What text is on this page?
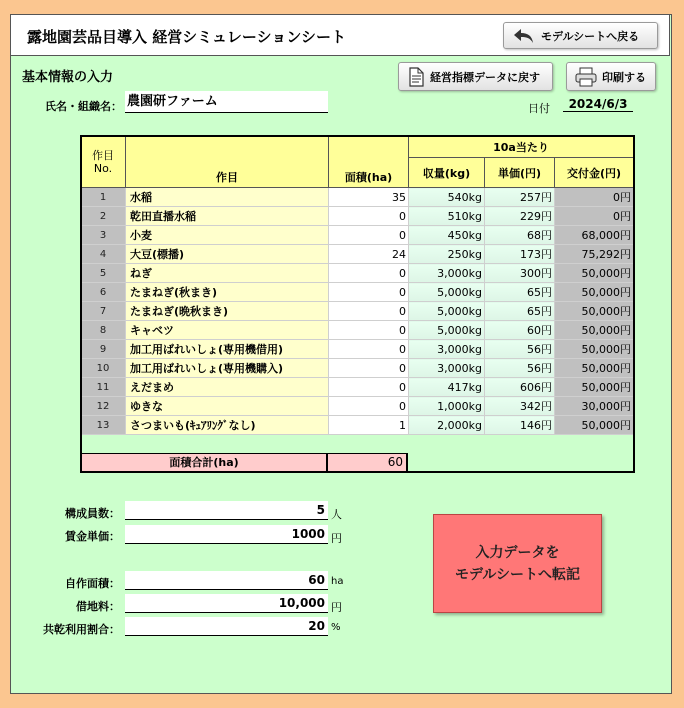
露地園芸品目導入 経営シミュレーションシート	モデルシートへ戻る
基本情報の入力	経営指標データに戻す	印刷する
氏名・組織名： 農園研ファーム	日付	2024/6/3
作目
No.	作目	面積(ha)	10a当たり		
			収量(kg)	単価(円)	交付金(円)
1	水稲	35	540kg	257円	0円
2	乾田直播水稲	0	510kg	229円	0円
3	小麦	0	450kg	68円	68,000円
4	大豆(標播)	24	250kg	173円	75,292円
5	ねぎ	0	3,000kg	300円	50,000円
6	たまねぎ(秋まき)	0	5,000kg	65円	50,000円
7	たまねぎ(晩秋まき)	0	5,000kg	65円	50,000円
8	キャベツ	0	5,000kg	60円	50,000円
9	加工用ばれいしょ(専用機借用)	0	3,000kg	56円	50,000円
10	加工用ばれいしょ(専用機購入)	0	3,000kg	56円	50,000円
11	えだまめ	0	417kg	606円	50,000円
12	ゆきな	0	1,000kg	342円	30,000円
13	さつまいも(ｷｭｱﾘﾝｸﾞなし)	1	2,000kg	146円	50,000円
面積合計(ha)	60
構成員数：	5 人
賃金単価：	1000 円
自作面積：	60 ha
借地料：	10,000 円
共乾利用割合：	20 %
入力データを
モデルシートへ転記
